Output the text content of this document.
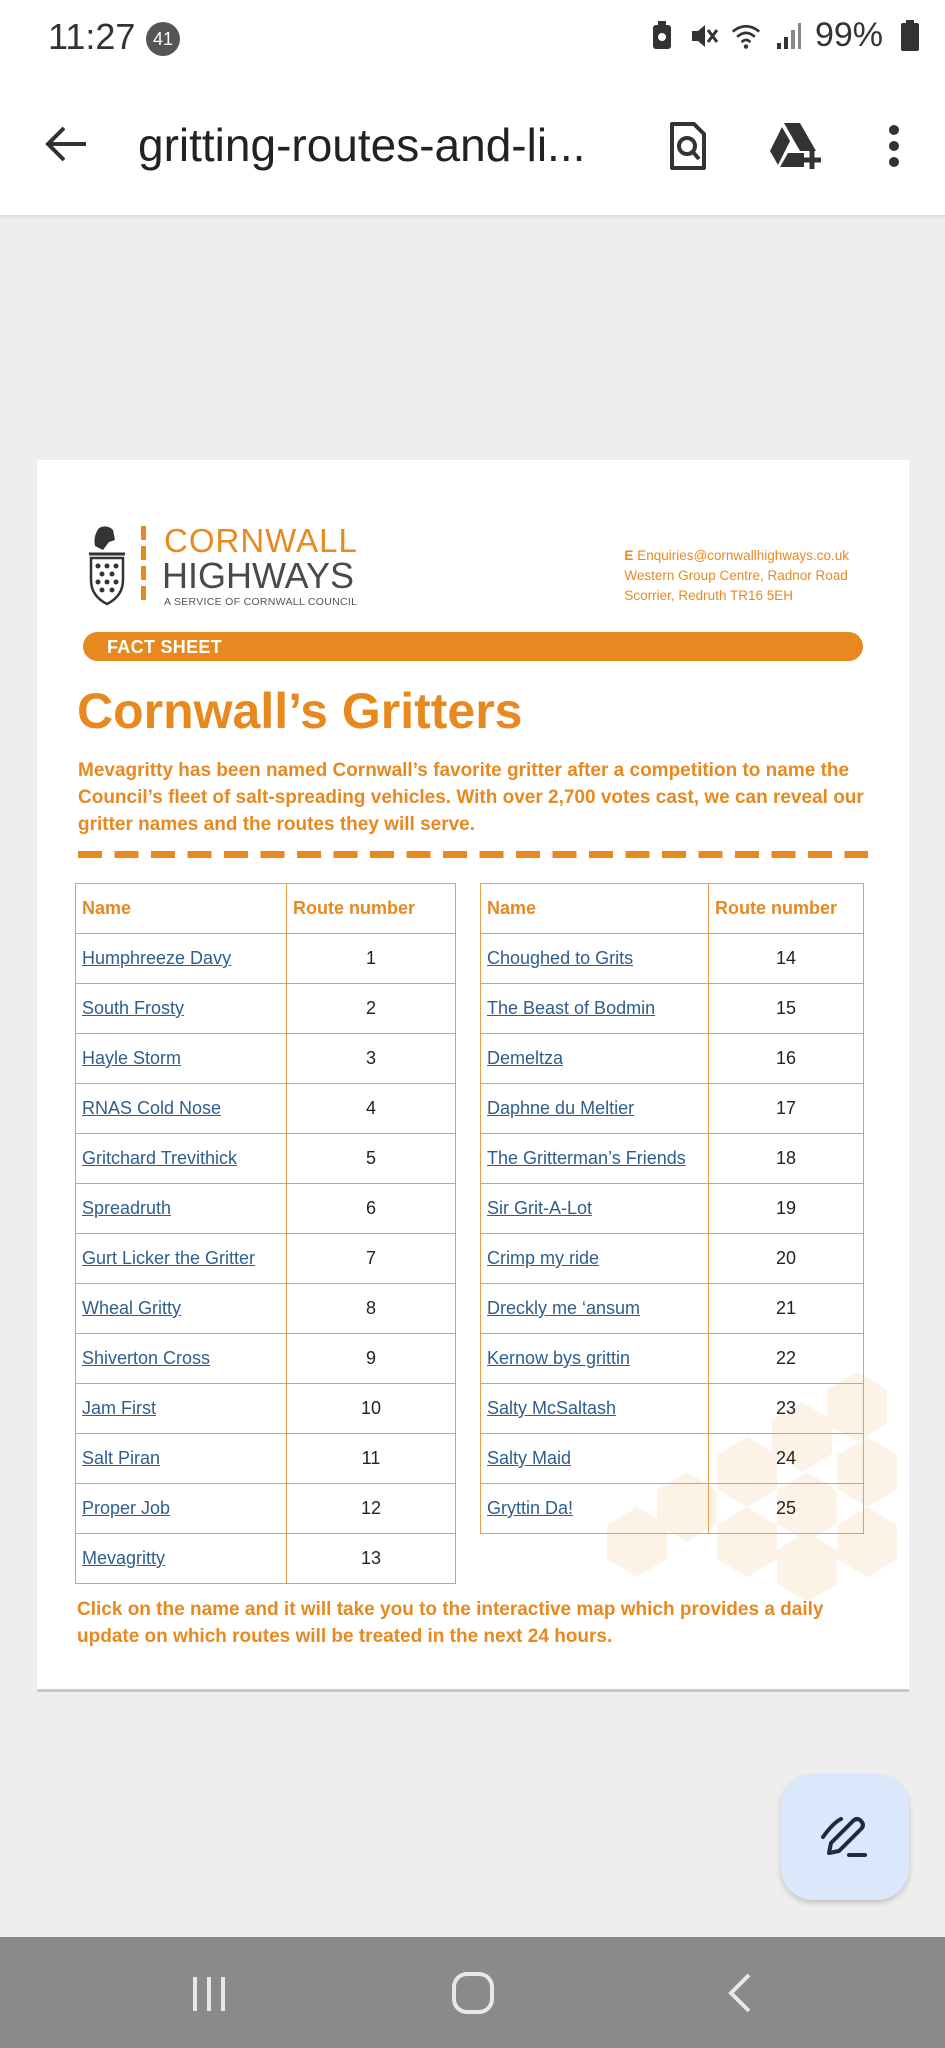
11:27 41	99%
gritting-routes-and-li...
CORNWALL
HIGHWAYS
A SERVICE OF CORNWALL COUNCIL
E Enquiries@cornwallhighways.co.uk
Western Group Centre, Radnor Road
Scorrier, Redruth TR16 5EH
FACT SHEET
Cornwall’s Gritters
Mevagritty has been named Cornwall’s favorite gritter after a competition to name the Council’s fleet of salt-spreading vehicles. With over 2,700 votes cast, we can reveal our gritter names and the routes they will serve.
Name	Route number
Humphreeze Davy	1
South Frosty	2
Hayle Storm	3
RNAS Cold Nose	4
Gritchard Trevithick	5
Spreadruth	6
Gurt Licker the Gritter	7
Wheal Gritty	8
Shiverton Cross	9
Jam First	10
Salt Piran	11
Proper Job	12
Mevagritty	13
Name	Route number
Choughed to Grits	14
The Beast of Bodmin	15
Demeltza	16
Daphne du Meltier	17
The Gritterman’s Friends	18
Sir Grit-A-Lot	19
Crimp my ride	20
Dreckly me ‘ansum	21
Kernow bys grittin	22
Salty McSaltash	23
Salty Maid	24
Gryttin Da!	25
Click on the name and it will take you to the interactive map which provides a daily update on which routes will be treated in the next 24 hours.
